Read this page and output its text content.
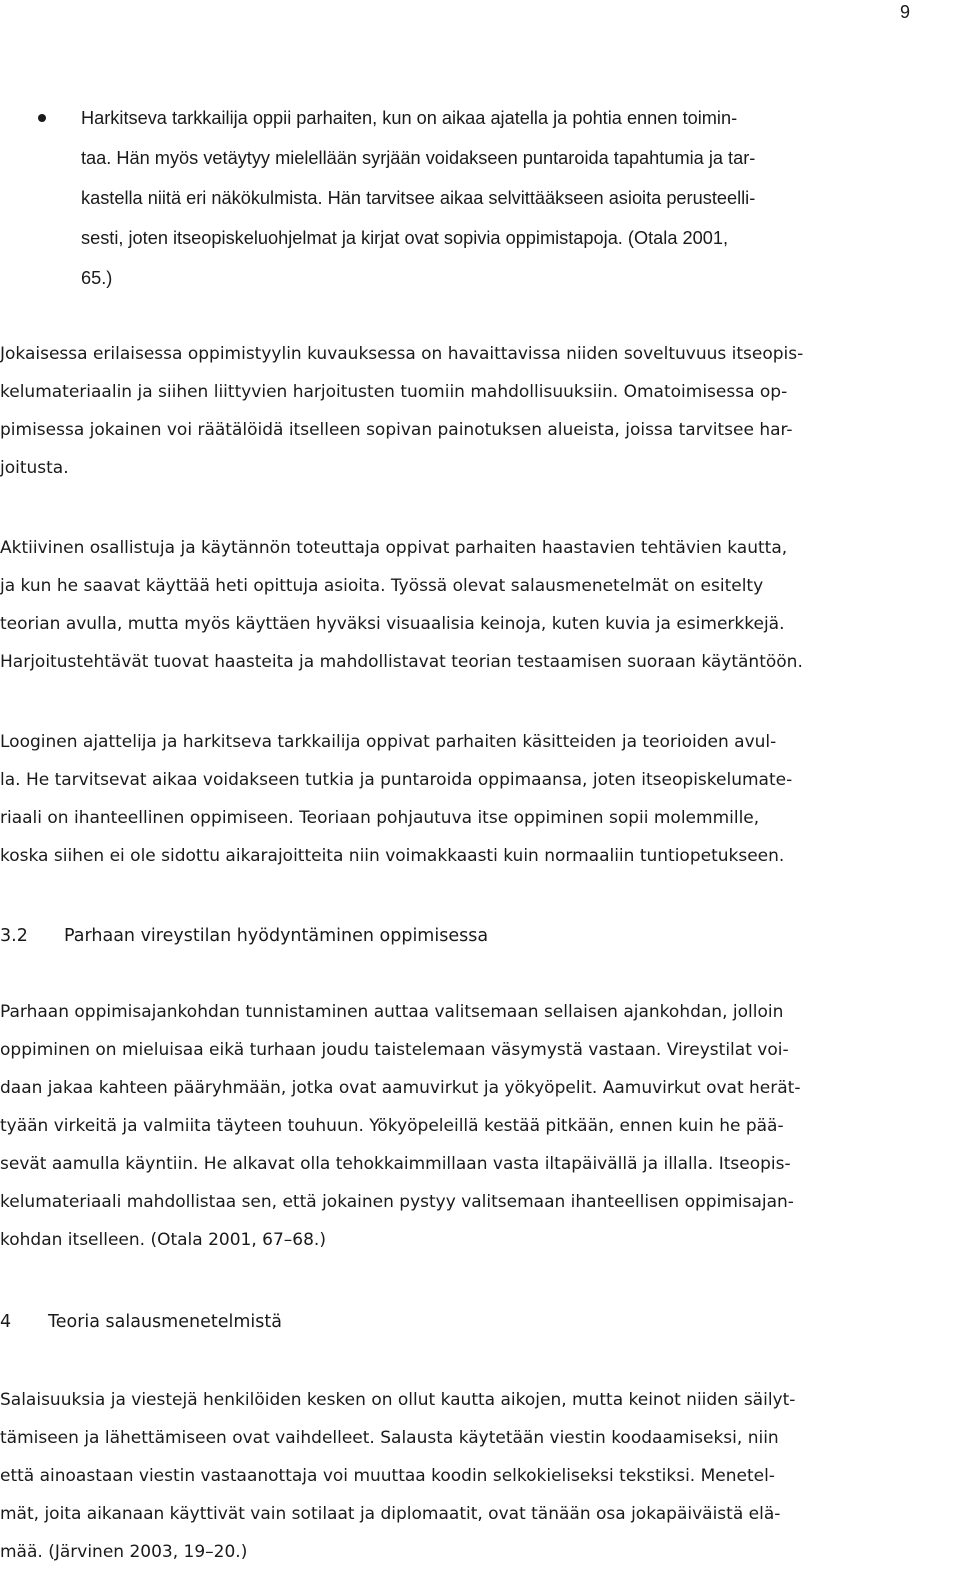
9
Harkitseva tarkkailija oppii parhaiten, kun on aikaa ajatella ja pohtia ennen toimin-
taa. Hän myös vetäytyy mielellään syrjään voidakseen puntaroida tapahtumia ja tar-
kastella niitä eri näkökulmista. Hän tarvitsee aikaa selvittääkseen asioita perusteelli-
sesti, joten itseopiskeluohjelmat ja kirjat ovat sopivia oppimistapoja. (Otala 2001,
65.)
Jokaisessa erilaisessa oppimistyylin kuvauksessa on havaittavissa niiden soveltuvuus itseopis-
kelumateriaalin ja siihen liittyvien harjoitusten tuomiin mahdollisuuksiin. Omatoimisessa op-
pimisessa jokainen voi räätälöidä itselleen sopivan painotuksen alueista, joissa tarvitsee har-
joitusta.
Aktiivinen osallistuja ja käytännön toteuttaja oppivat parhaiten haastavien tehtävien kautta,
ja kun he saavat käyttää heti opittuja asioita. Työssä olevat salausmenetelmät on esitelty
teorian avulla, mutta myös käyttäen hyväksi visuaalisia keinoja, kuten kuvia ja esimerkkejä.
Harjoitustehtävät tuovat haasteita ja mahdollistavat teorian testaamisen suoraan käytäntöön.
Looginen ajattelija ja harkitseva tarkkailija oppivat parhaiten käsitteiden ja teorioiden avul-
la. He tarvitsevat aikaa voidakseen tutkia ja puntaroida oppimaansa, joten itseopiskelumate-
riaali on ihanteellinen oppimiseen. Teoriaan pohjautuva itse oppiminen sopii molemmille,
koska siihen ei ole sidottu aikarajoitteita niin voimakkaasti kuin normaaliin tuntiopetukseen.
3.2 Parhaan vireystilan hyödyntäminen oppimisessa
Parhaan oppimisajankohdan tunnistaminen auttaa valitsemaan sellaisen ajankohdan, jolloin
oppiminen on mieluisaa eikä turhaan joudu taistelemaan väsymystä vastaan. Vireystilat voi-
daan jakaa kahteen pääryhmään, jotka ovat aamuvirkut ja yökyöpelit. Aamuvirkut ovat herät-
tyään virkeitä ja valmiita täyteen touhuun. Yökyöpeleillä kestää pitkään, ennen kuin he pää-
sevät aamulla käyntiin. He alkavat olla tehokkaimmillaan vasta iltapäivällä ja illalla. Itseopis-
kelumateriaali mahdollistaa sen, että jokainen pystyy valitsemaan ihanteellisen oppimisajan-
kohdan itselleen. (Otala 2001, 67–68.)
4 Teoria salausmenetelmistä
Salaisuuksia ja viestejä henkilöiden kesken on ollut kautta aikojen, mutta keinot niiden säilyt-
tämiseen ja lähettämiseen ovat vaihdelleet. Salausta käytetään viestin koodaamiseksi, niin
että ainoastaan viestin vastaanottaja voi muuttaa koodin selkokieliseksi tekstiksi. Menetel-
mät, joita aikanaan käyttivät vain sotilaat ja diplomaatit, ovat tänään osa jokapäiväistä elä-
mää. (Järvinen 2003, 19–20.)
